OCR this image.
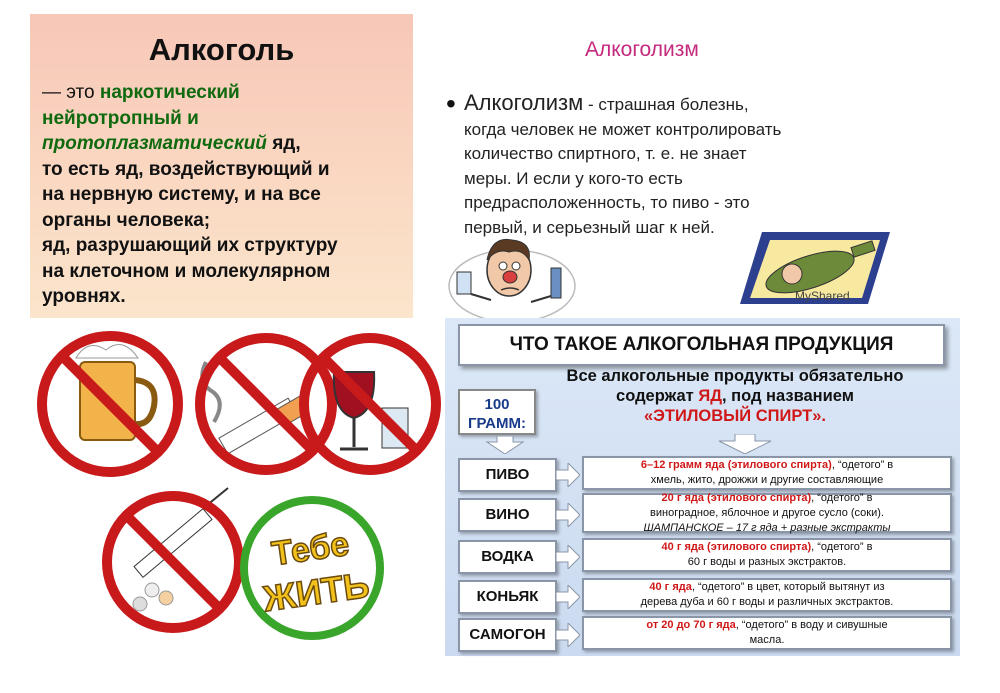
Алкоголь
— это наркотический
нейротропный и
протоплазматический яд,
то есть яд, воздействующий и
на нервную систему, и на все
органы человека;
яд, разрушающий их структуру
на клеточном и молекулярном
уровнях.
Алкоголизм
• Алкоголизм - страшная болезнь,
когда человек не может контролировать
количество спиртного, т. е. не знает
меры. И если у кого-то есть
предрасположенность, то пиво - это
первый, и серьезный шаг к ней.
MyShared
Тебе
ЖИТЬ
ЧТО ТАКОЕ АЛКОГОЛЬНАЯ ПРОДУКЦИЯ
Все алкогольные продукты обязательно
содержат ЯД, под названием
«ЭТИЛОВЫЙ СПИРТ».
100
ГРАММ:
ПИВО
6–12 грамм яда (этилового спирта), “одетого” в
хмель, жито, дрожжи и другие составляющие
ВИНО
20 г яда (этилового спирта), “одетого” в
виноградное, яблочное и другое сусло (соки).
ШАМПАНСКОЕ – 17 г яда + разные экстракты
ВОДКА
40 г яда (этилового спирта), “одетого” в
60 г воды и разных экстрактов.
КОНЬЯК
40 г яда, “одетого” в цвет, который вытянут из
дерева дуба и 60 г воды и различных экстрактов.
САМОГОН
от 20 до 70 г яда, “одетого” в воду и сивушные
масла.
